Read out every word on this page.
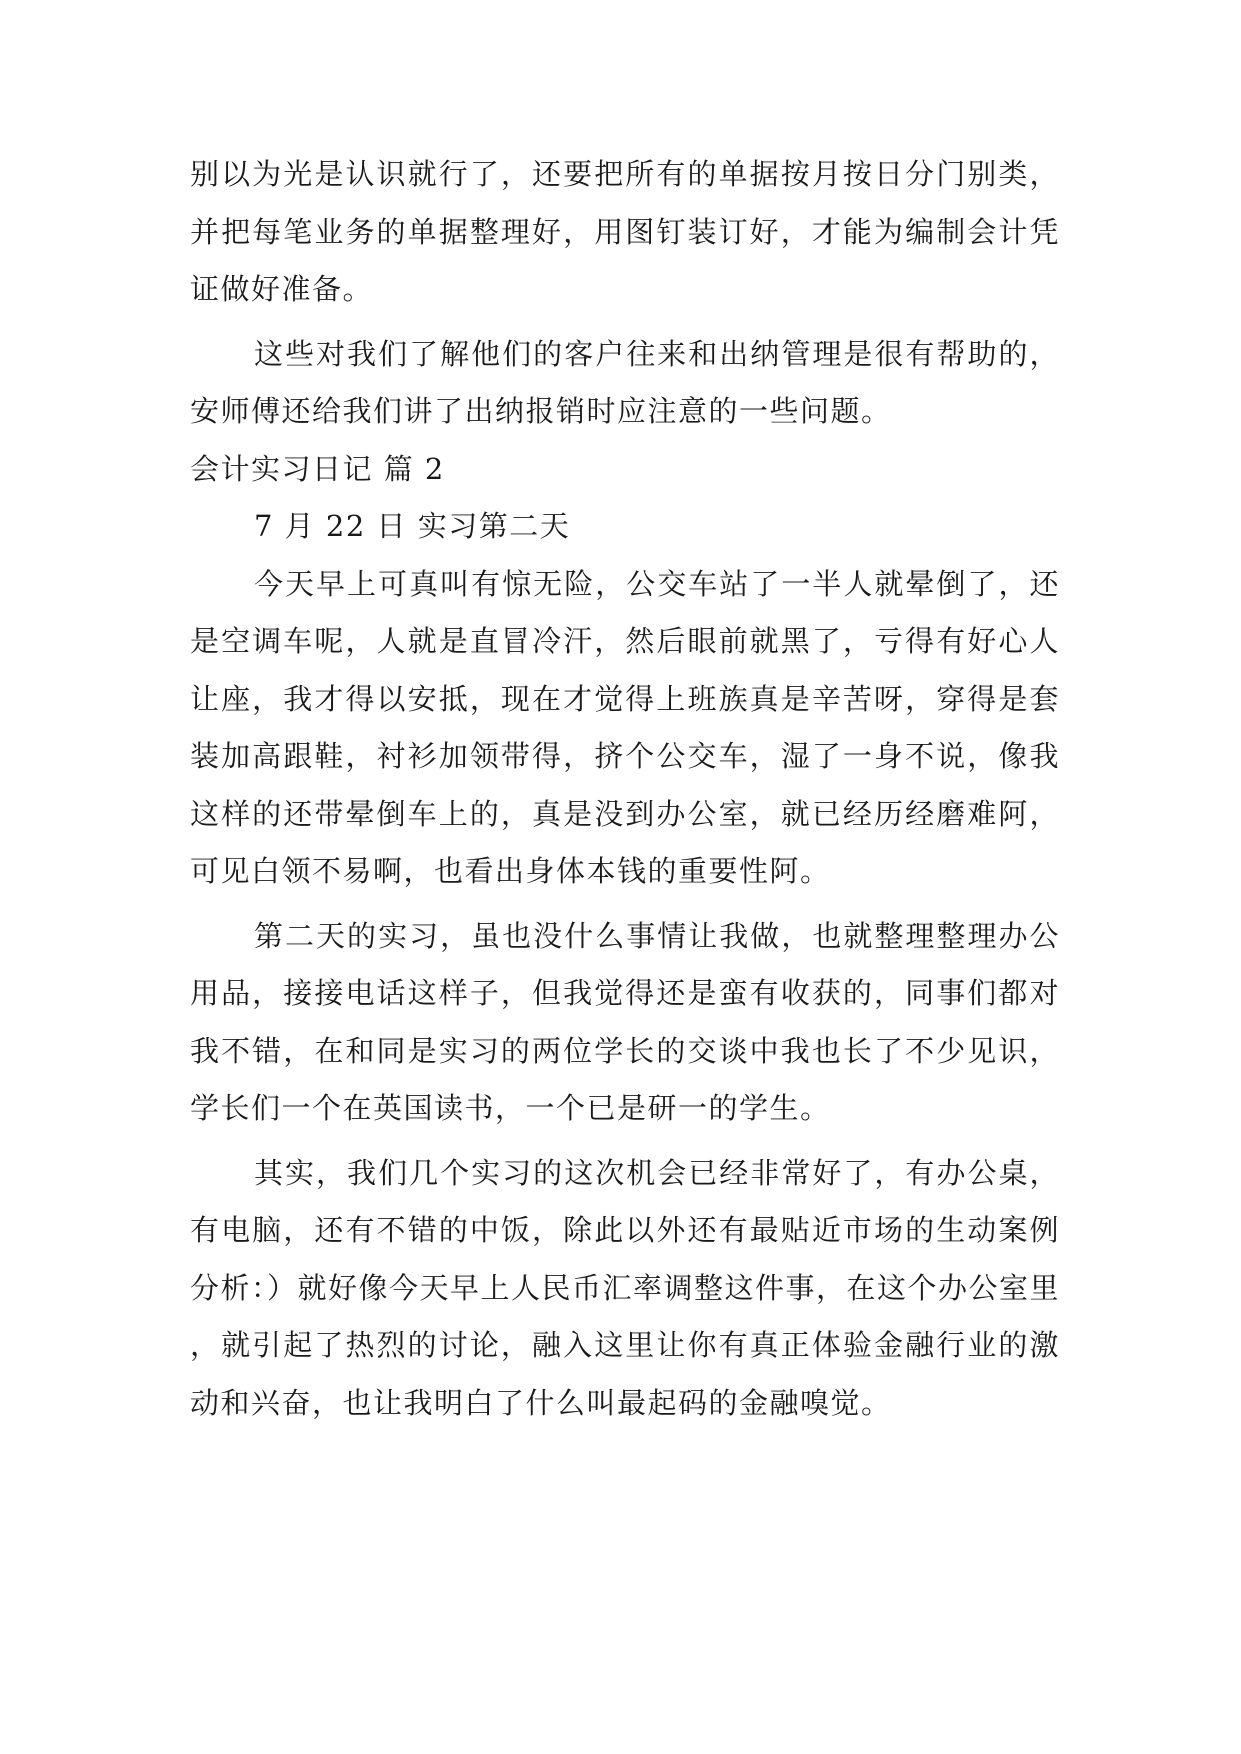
别以为光是认识就行了，还要把所有的单据按月按日分门别类，并把每笔业务的单据整理好，用图钉装订好，才能为编制会计凭证做好准备。

这些对我们了解他们的客户往来和出纳管理是很有帮助的，安师傅还给我们讲了出纳报销时应注意的一些问题。

会计实习日记 篇 2

7 月 22 日 实习第二天

今天早上可真叫有惊无险，公交车站了一半人就晕倒了，还是空调车呢，人就是直冒冷汗，然后眼前就黑了，亏得有好心人让座，我才得以安抵，现在才觉得上班族真是辛苦呀，穿得是套装加高跟鞋，衬衫加领带得，挤个公交车，湿了一身不说，像我这样的还带晕倒车上的，真是没到办公室，就已经历经磨难阿，可见白领不易啊，也看出身体本钱的重要性阿。

第二天的实习，虽也没什么事情让我做，也就整理整理办公用品，接接电话这样子，但我觉得还是蛮有收获的，同事们都对我不错，在和同是实习的两位学长的交谈中我也长了不少见识，学长们一个在英国读书，一个已是研一的学生。

其实，我们几个实习的这次机会已经非常好了，有办公桌，有电脑，还有不错的中饭，除此以外还有最贴近市场的生动案例分析：）就好像今天早上人民币汇率调整这件事，在这个办公室里，就引起了热烈的讨论，融入这里让你有真正体验金融行业的激动和兴奋，也让我明白了什么叫最起码的金融嗅觉。
